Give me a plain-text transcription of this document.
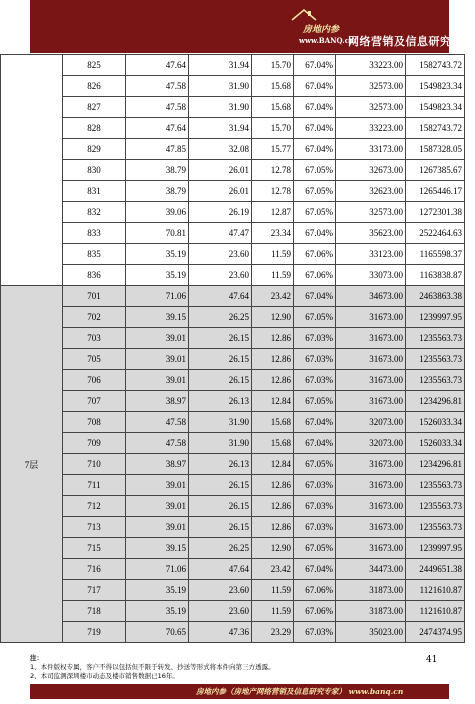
房地内参
www.BANQ.cn
网络营销及信息研究专家
	825	47.64	31.94	15.70	67.04%	33223.00	1582743.72
	826	47.58	31.90	15.68	67.04%	32573.00	1549823.34
	827	47.58	31.90	15.68	67.04%	32573.00	1549823.34
	828	47.64	31.94	15.70	67.04%	33223.00	1582743.72
	829	47.85	32.08	15.77	67.04%	33173.00	1587328.05
	830	38.79	26.01	12.78	67.05%	32673.00	1267385.67
	831	38.79	26.01	12.78	67.05%	32623.00	1265446.17
	832	39.06	26.19	12.87	67.05%	32573.00	1272301.38
	833	70.81	47.47	23.34	67.04%	35623.00	2522464.63
	835	35.19	23.60	11.59	67.06%	33123.00	1165598.37
	836	35.19	23.60	11.59	67.06%	33073.00	1163838.87
7层	701	71.06	47.64	23.42	67.04%	34673.00	2463863.38
	702	39.15	26.25	12.90	67.05%	31673.00	1239997.95
	703	39.01	26.15	12.86	67.03%	31673.00	1235563.73
	705	39.01	26.15	12.86	67.03%	31673.00	1235563.73
	706	39.01	26.15	12.86	67.03%	31673.00	1235563.73
	707	38.97	26.13	12.84	67.05%	31673.00	1234296.81
	708	47.58	31.90	15.68	67.04%	32073.00	1526033.34
	709	47.58	31.90	15.68	67.04%	32073.00	1526033.34
	710	38.97	26.13	12.84	67.05%	31673.00	1234296.81
	711	39.01	26.15	12.86	67.03%	31673.00	1235563.73
	712	39.01	26.15	12.86	67.03%	31673.00	1235563.73
	713	39.01	26.15	12.86	67.03%	31673.00	1235563.73
	715	39.15	26.25	12.90	67.05%	31673.00	1239997.95
	716	71.06	47.64	23.42	67.04%	34473.00	2449651.38
	717	35.19	23.60	11.59	67.06%	31873.00	1121610.87
	718	35.19	23.60	11.59	67.06%	31873.00	1121610.87
	719	70.65	47.36	23.29	67.03%	35023.00	2474374.95
注：
1、本件版权专属，客户不得以包括但不限于转发、抄送等形式将本件向第三方透露。
2、本司监测深圳楼市动态及楼市销售数据已16年。
41
房地内参（房地产网络营销及信息研究专家） www.banq.cn
